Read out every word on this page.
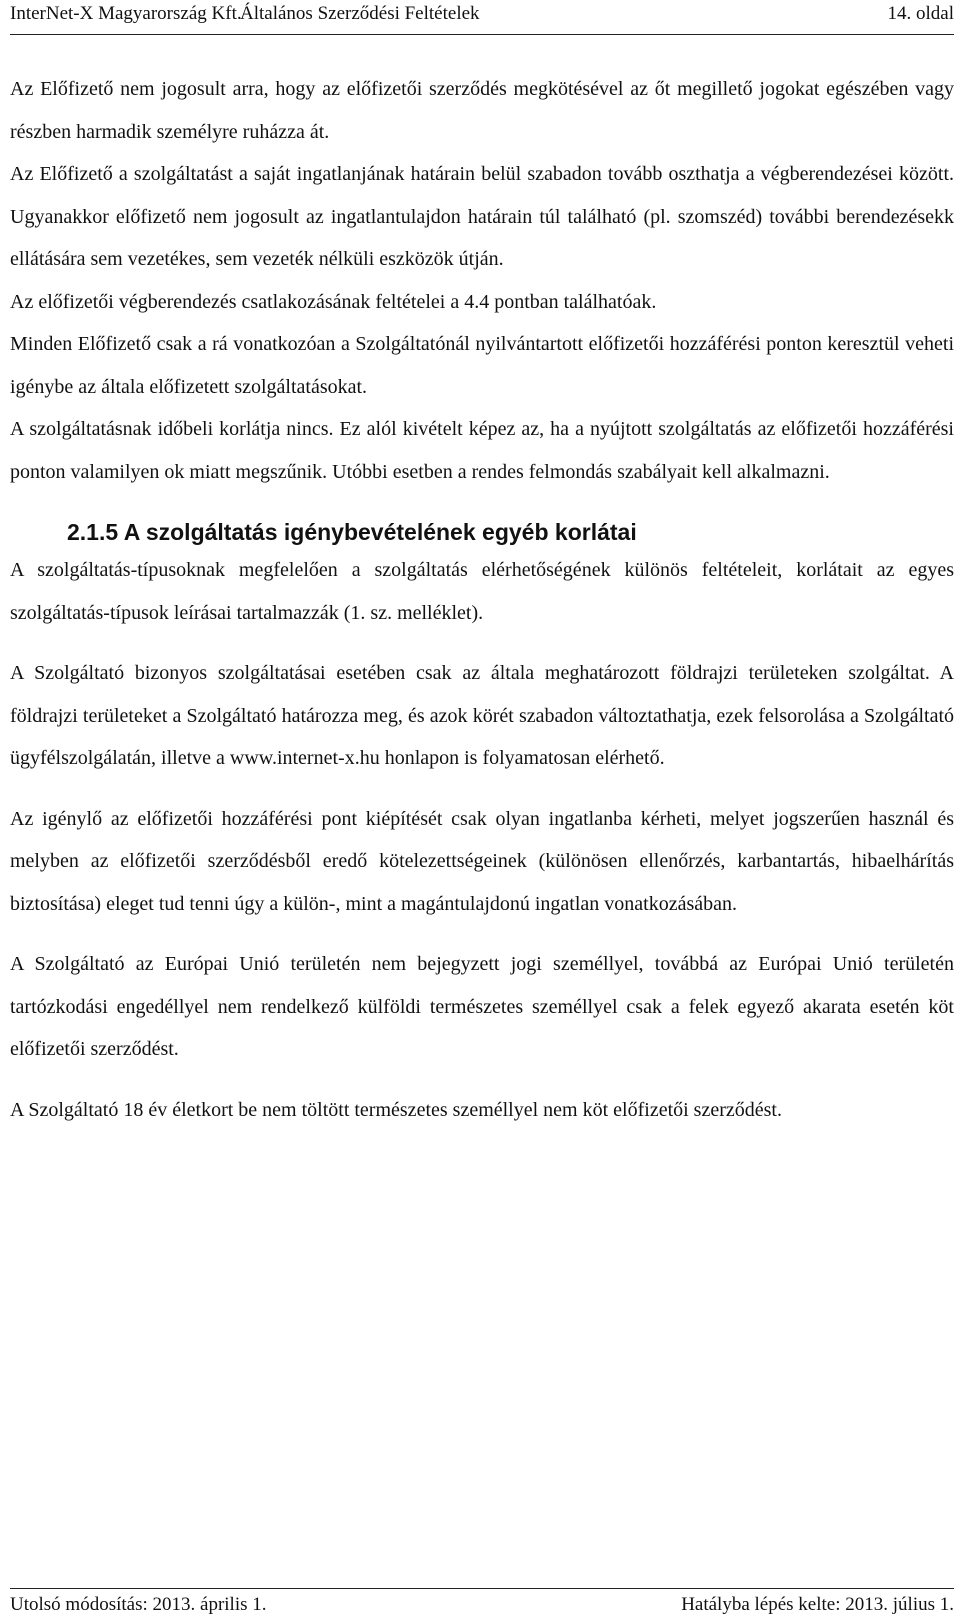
InterNet-X Magyarország Kft.
Általános Szerződési Feltételek	14. oldal

Az Előfizető nem jogosult arra, hogy az előfizetői szerződés megkötésével az őt megillető jogokat egészében vagy részben harmadik személyre ruházza át.

Az Előfizető a szolgáltatást a saját ingatlanjának határain belül szabadon tovább oszthatja a végberendezései között. Ugyanakkor előfizető nem jogosult az ingatlantulajdon határain túl található (pl. szomszéd) további berendezésekk ellátására sem vezetékes, sem vezeték nélküli eszközök útján.

Az előfizetői végberendezés csatlakozásának feltételei a 4.4 pontban találhatóak.

Minden Előfizető csak a rá vonatkozóan a Szolgáltatónál nyilvántartott előfizetői hozzáférési ponton keresztül veheti igénybe az általa előfizetett szolgáltatásokat.

A szolgáltatásnak időbeli korlátja nincs. Ez alól kivételt képez az, ha a nyújtott szolgáltatás az előfizetői hozzáférési ponton valamilyen ok miatt megszűnik. Utóbbi esetben a rendes felmondás szabályait kell alkalmazni.

2.1.5 A szolgáltatás igénybevételének egyéb korlátai

A szolgáltatás-típusoknak megfelelően a szolgáltatás elérhetőségének különös feltételeit, korlátait az egyes szolgáltatás-típusok leírásai tartalmazzák (1. sz. melléklet).

A Szolgáltató bizonyos szolgáltatásai esetében csak az általa meghatározott földrajzi területeken szolgáltat. A földrajzi területeket a Szolgáltató határozza meg, és azok körét szabadon változtathatja, ezek felsorolása a Szolgáltató ügyfélszolgálatán, illetve a www.internet-x.hu honlapon is folyamatosan elérhető.

Az igénylő az előfizetői hozzáférési pont kiépítését csak olyan ingatlanba kérheti, melyet jogszerűen használ és melyben az előfizetői szerződésből eredő kötelezettségeinek (különösen ellenőrzés, karbantartás, hibaelhárítás biztosítása) eleget tud tenni úgy a külön-, mint a magántulajdonú ingatlan vonatkozásában.

A Szolgáltató az Európai Unió területén nem bejegyzett jogi személlyel, továbbá az Európai Unió területén tartózkodási engedéllyel nem rendelkező külföldi természetes személlyel csak a felek egyező akarata esetén köt előfizetői szerződést.

A Szolgáltató 18 év életkort be nem töltött természetes személlyel nem köt előfizetői szerződést.

Utolsó módosítás: 2013. április 1.	Hatályba lépés kelte: 2013. július 1.
